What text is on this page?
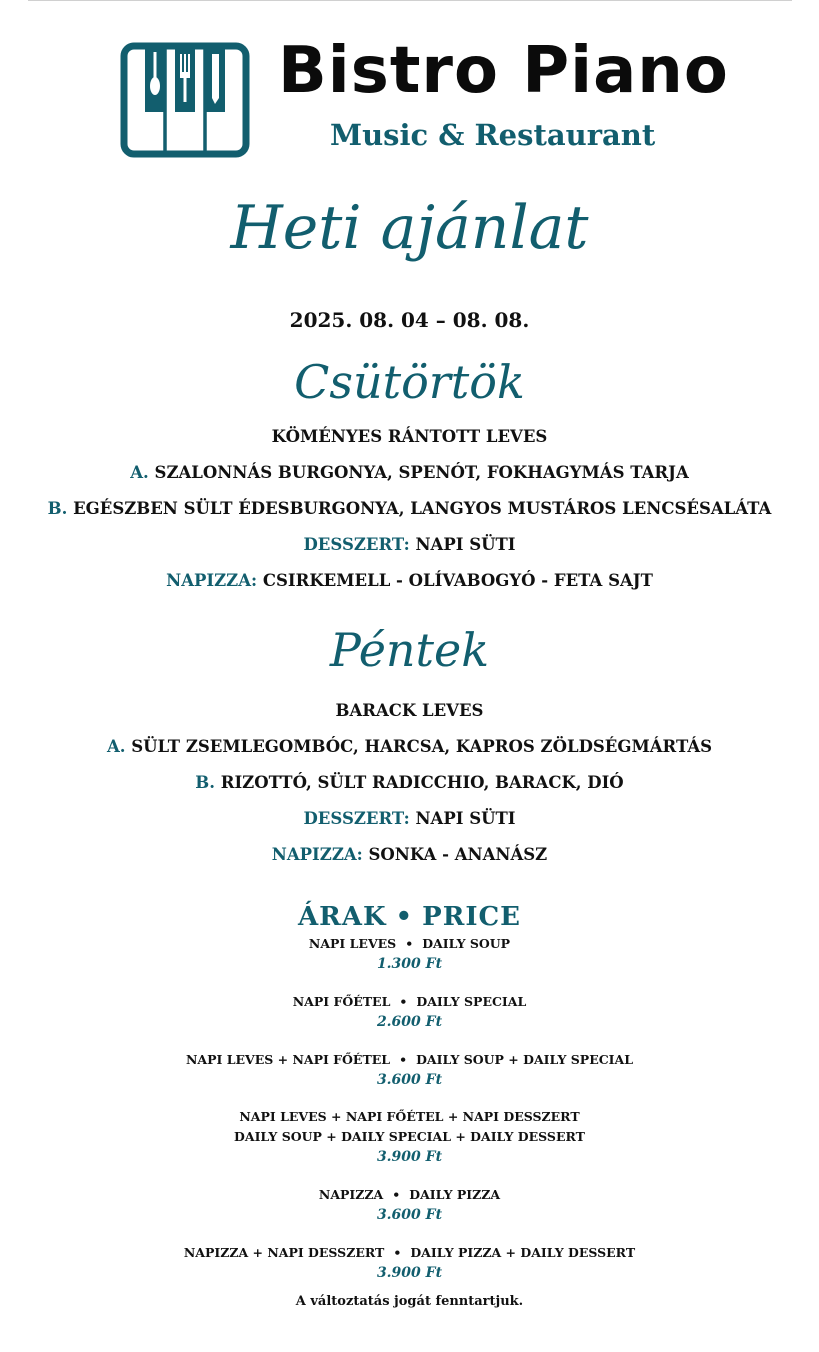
Bistro Piano
Music & Restaurant
Heti ajánlat
2025. 08. 04 – 08. 08.
Csütörtök
KÖMÉNYES RÁNTOTT LEVES
A. SZALONNÁS BURGONYA, SPENÓT, FOKHAGYMÁS TARJA
B. EGÉSZBEN SÜLT ÉDESBURGONYA, LANGYOS MUSTÁROS LENCSÉSALÁTA
DESSZERT: NAPI SÜTI
NAPIZZA: CSIRKEMELL - OLÍVABOGYÓ - FETA SAJT
Péntek
BARACK LEVES
A. SÜLT ZSEMLEGOMBÓC, HARCSA, KAPROS ZÖLDSÉGMÁRTÁS
B. RIZOTTÓ, SÜLT RADICCHIO, BARACK, DIÓ
DESSZERT: NAPI SÜTI
NAPIZZA: SONKA - ANANÁSZ
ÁRAK • PRICE
NAPI LEVES • DAILY SOUP
1.300 Ft
NAPI FŐÉTEL • DAILY SPECIAL
2.600 Ft
NAPI LEVES + NAPI FŐÉTEL • DAILY SOUP + DAILY SPECIAL
3.600 Ft
NAPI LEVES + NAPI FŐÉTEL + NAPI DESSZERT
DAILY SOUP + DAILY SPECIAL + DAILY DESSERT
3.900 Ft
NAPIZZA • DAILY PIZZA
3.600 Ft
NAPIZZA + NAPI DESSZERT • DAILY PIZZA + DAILY DESSERT
3.900 Ft
A változtatás jogát fenntartjuk.
